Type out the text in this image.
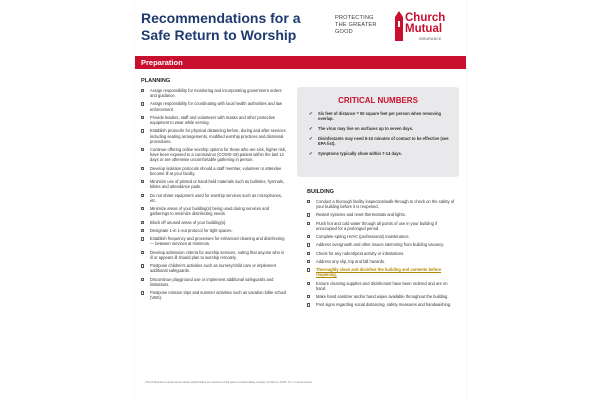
Recommendations for a Safe Return to Worship
PROTECTING
THE GREATER
GOOD
Church
Mutual
INSURANCE
Preparation
PLANNING
Assign responsibility for monitoring and incorporating government orders and guidance.
Assign responsibility for coordinating with local health authorities and law enforcement.
Provide leaders, staff and volunteers with masks and other protective equipment to wear while serving.
Establish protocols for physical distancing before, during and after services including seating arrangements, modified worship practices and dismissal procedures.
Continue offering online worship options for those who are sick, higher risk, have been exposed to a coronavirus (COVID-19) patient within the last 14 days or are otherwise uncomfortable gathering in person.
Develop isolation protocols should a staff member, volunteer or attendee become ill at your facility.
Minimize use of printed or hand-held materials such as bulletins, hymnals, bibles and attendance pads.
Do not share equipment used for worship services such as microphones, etc.
Minimize areas of your building(s) being used during services and gatherings to minimize disinfecting needs.
Block off unused areas of your building(s).
Designate 1-in 1-out protocol for tight spaces.
Establish frequency and processes for enhanced cleaning and disinfecting — between services at minimum.
Develop admission criteria for worship services, noting that anyone who is ill or appears ill should plan to worship remotely.
Postpone children's activities such as nursery/child care or implement additional safeguards.
Discontinue playground use or implement additional safeguards and limitations.
Postpone mission trips and summer activities such as vacation bible school (VBS).
CRITICAL NUMBERS
✔ Six feet of distance = 50 square feet per person when removing overlap.
✔ The virus may live on surfaces up to seven days.
✔ Disinfectants may need 5-10 minutes of contact to be effective (see EPA list).
✔ Symptoms typically show within 7-14 days.
BUILDING
Conduct a thorough facility inspection/walk-through to check on the safety of your building before it is reopened.
Restart systems and reset thermostats and lights.
Flush hot and cold water through all points of use in your building if unoccupied for a prolonged period.
Complete spring HVAC (professional) maintenance.
Address overgrowth and other issues stemming from building vacancy.
Check for any rodent/pest activity or infestations.
Address any slip, trip and fall hazards.
Thoroughly clean and disinfect the building and contents before reopening.
Ensure cleaning supplies and disinfectant have been ordered and are on hand.
Make hand sanitizer and/or hand wipes available throughout the building.
Post signs regarding social distancing, safety measures and handwashing.
Church Mutual is a stock insurer whose policyholders are members of the parent mutual holding company formed on 1/1/20. S.I. is a stock insurer.
